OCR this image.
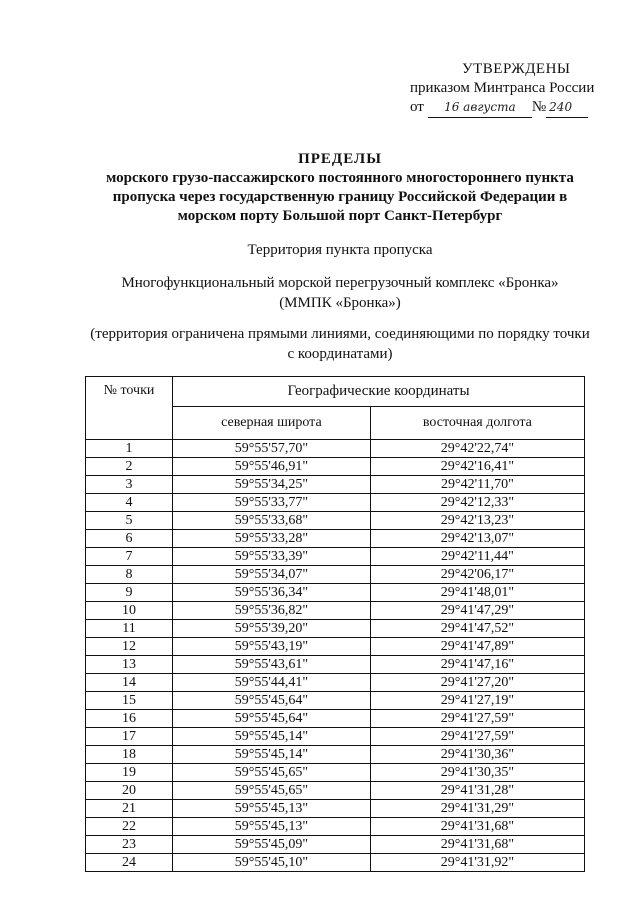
УТВЕРЖДЕНЫ
приказом Минтранса России
от 16 августа № 240
ПРЕДЕЛЫ
морского грузо-пассажирского постоянного многостороннего пункта
пропуска через государственную границу Российской Федерации в
морском порту Большой порт Санкт-Петербург
Территория пункта пропуска
Многофункциональный морской перегрузочный комплекс «Бронка»
(ММПК «Бронка»)
(территория ограничена прямыми линиями, соединяющими по порядку точки
с координатами)
№ точки	Географические координаты	
	северная широта	восточная долгота
1	59°55'57,70"	29°42'22,74"
2	59°55'46,91"	29°42'16,41"
3	59°55'34,25"	29°42'11,70"
4	59°55'33,77"	29°42'12,33"
5	59°55'33,68"	29°42'13,23"
6	59°55'33,28"	29°42'13,07"
7	59°55'33,39"	29°42'11,44"
8	59°55'34,07"	29°42'06,17"
9	59°55'36,34"	29°41'48,01"
10	59°55'36,82"	29°41'47,29"
11	59°55'39,20"	29°41'47,52"
12	59°55'43,19"	29°41'47,89"
13	59°55'43,61"	29°41'47,16"
14	59°55'44,41"	29°41'27,20"
15	59°55'45,64"	29°41'27,19"
16	59°55'45,64"	29°41'27,59"
17	59°55'45,14"	29°41'27,59"
18	59°55'45,14"	29°41'30,36"
19	59°55'45,65"	29°41'30,35"
20	59°55'45,65"	29°41'31,28"
21	59°55'45,13"	29°41'31,29"
22	59°55'45,13"	29°41'31,68"
23	59°55'45,09"	29°41'31,68"
24	59°55'45,10"	29°41'31,92"
